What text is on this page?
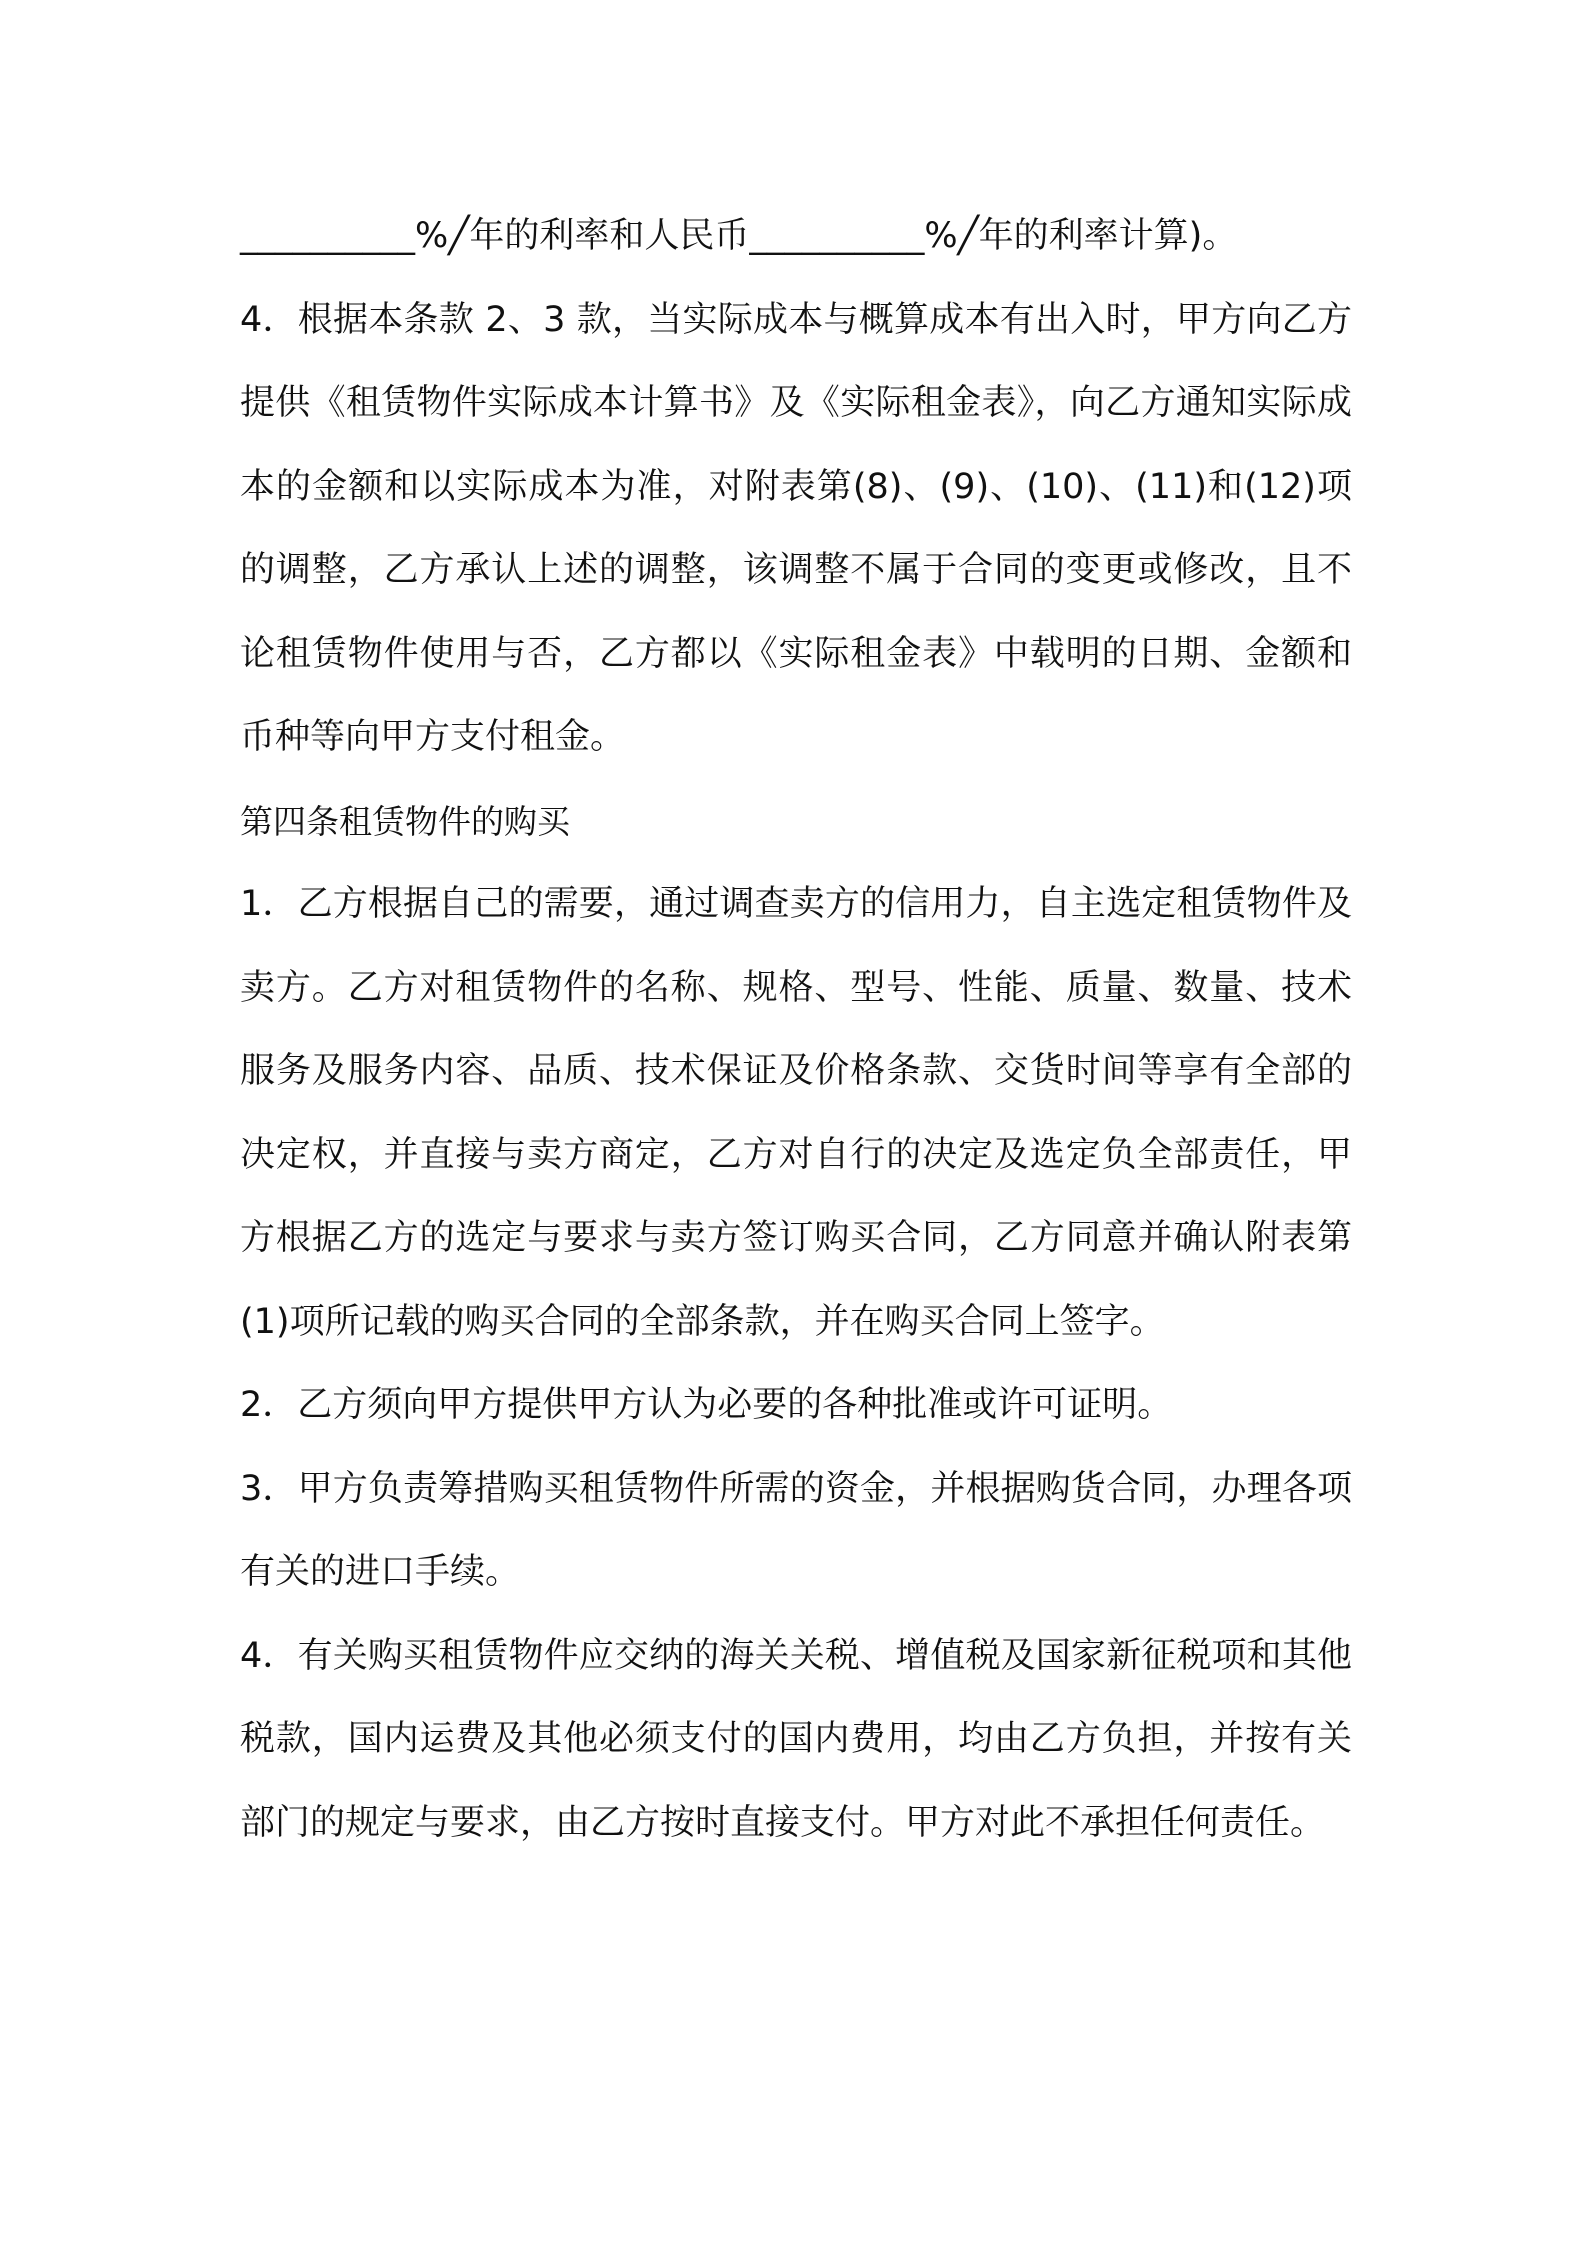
__________%╱年的利率和人民币__________%╱年的利率计算)。

4．根据本条款 2、3 款，当实际成本与概算成本有出入时，甲方向乙方提供《租赁物件实际成本计算书》及《实际租金表》，向乙方通知实际成本的金额和以实际成本为准，对附表第(8)、(9)、(10)、(11)和(12)项的调整，乙方承认上述的调整，该调整不属于合同的变更或修改，且不论租赁物件使用与否，乙方都以《实际租金表》中载明的日期、金额和币种等向甲方支付租金。

第四条租赁物件的购买

1．乙方根据自己的需要，通过调查卖方的信用力，自主选定租赁物件及卖方。乙方对租赁物件的名称、规格、型号、性能、质量、数量、技术服务及服务内容、品质、技术保证及价格条款、交货时间等享有全部的决定权，并直接与卖方商定，乙方对自行的决定及选定负全部责任，甲方根据乙方的选定与要求与卖方签订购买合同，乙方同意并确认附表第(1)项所记载的购买合同的全部条款，并在购买合同上签字。

2．乙方须向甲方提供甲方认为必要的各种批准或许可证明。

3．甲方负责筹措购买租赁物件所需的资金，并根据购货合同，办理各项有关的进口手续。

4．有关购买租赁物件应交纳的海关关税、增值税及国家新征税项和其他税款，国内运费及其他必须支付的国内费用，均由乙方负担，并按有关部门的规定与要求，由乙方按时直接支付。甲方对此不承担任何责任。
